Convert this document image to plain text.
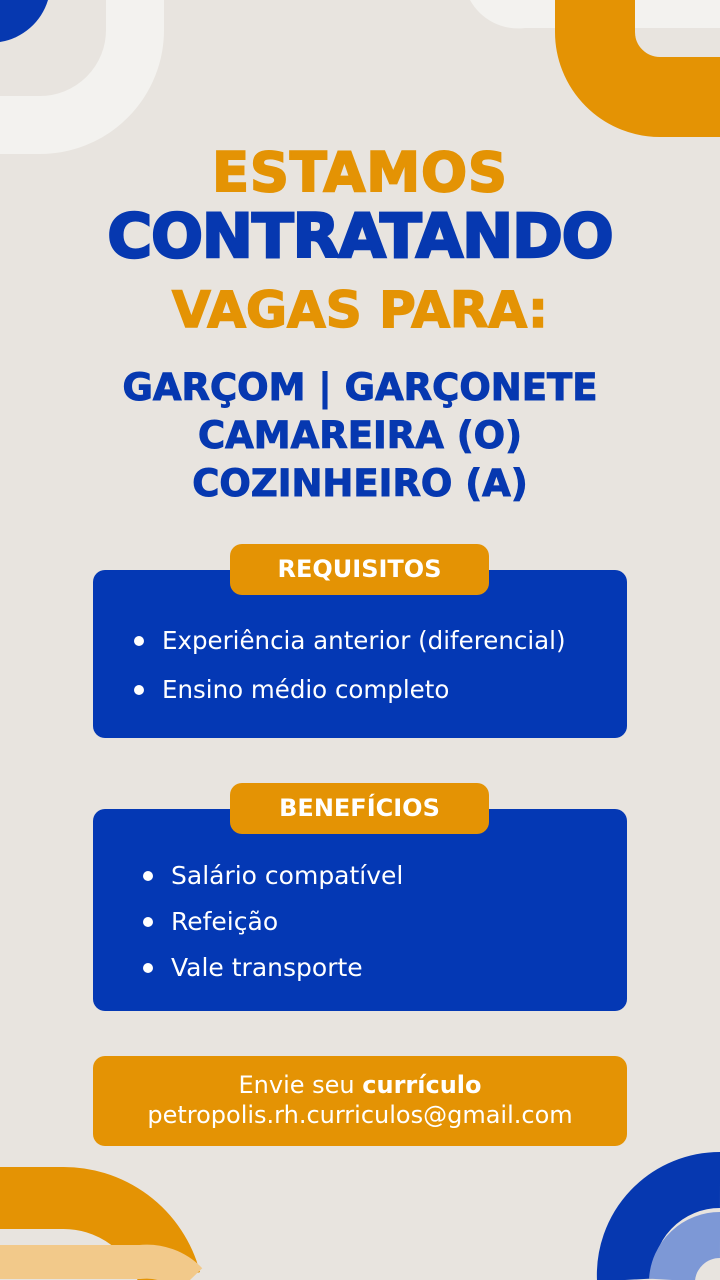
ESTAMOS
CONTRATANDO
VAGAS PARA:
GARÇOM | GARÇONETE
CAMAREIRA (O)
COZINHEIRO (A)
REQUISITOS
Experiência anterior (diferencial)
Ensino médio completo
BENEFÍCIOS
Salário compatível
Refeição
Vale transporte
Envie seu currículo
petropolis.rh.curriculos@gmail.com
